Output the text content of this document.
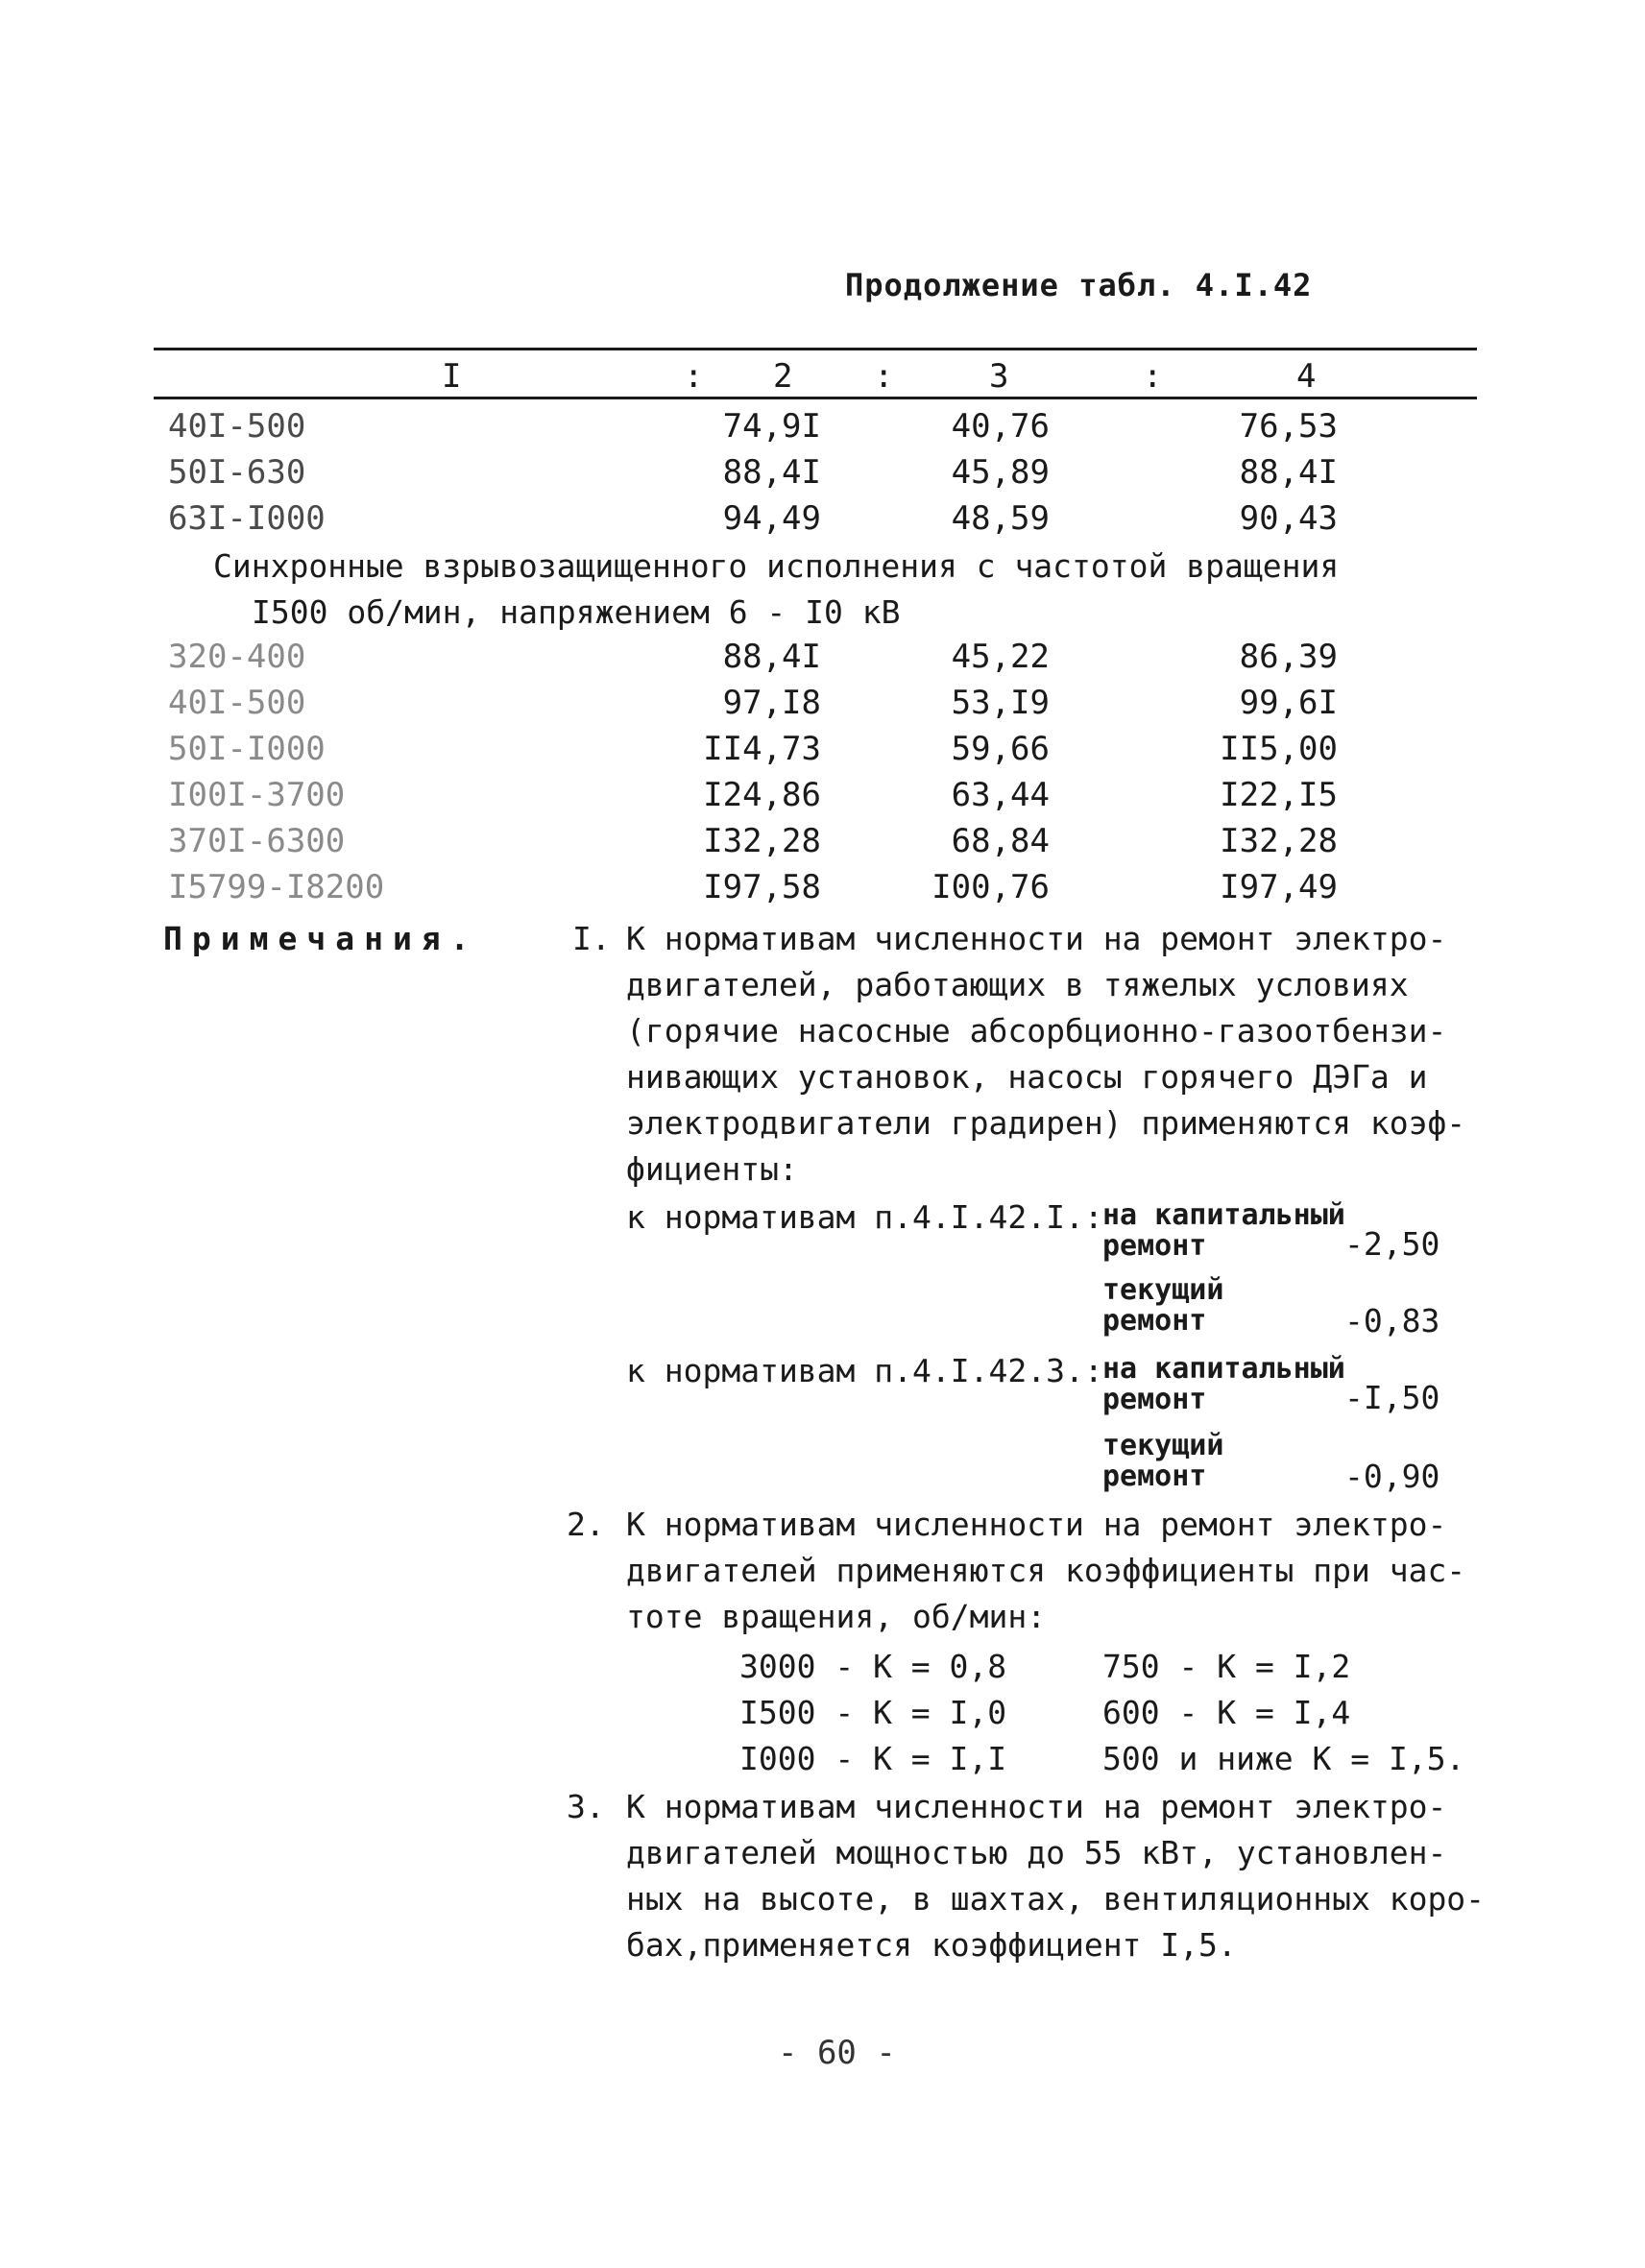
Продолжение табл. 4.I.42
I	: 2 :	3	:	4
40I-500	74,9I	40,76	76,53
50I-630	88,4I	45,89	88,4I
63I-I000	94,49	48,59	90,43
Синхронные взрывозащищенного исполнения с частотой вращения
I500 об/мин, напряжением 6 - I0 кВ
320-400	88,4I	45,22	86,39
40I-500	97,I8	53,I9	99,6I
50I-I000	II4,73	59,66	II5,00
I00I-3700	I24,86	63,44	I22,I5
370I-6300	I32,28	68,84	I32,28
I5799-I8200	I97,58	I00,76	I97,49
Примечания.	I. К нормативам численности на ремонт электро-
двигателей, работающих в тяжелых условиях
(горячие насосные абсорбционно-газоотбензи-
нивающих установок, насосы горячего ДЭГа и
электродвигатели градирен) применяются коэф-
фициенты:
к нормативам п.4.I.42.I.: на капитальный
ремонт	-2,50
текущий
ремонт	-0,83
к нормативам п.4.I.42.3.: на капитальный
ремонт	-I,50
текущий
ремонт	-0,90
2. К нормативам численности на ремонт электро-
двигателей применяются коэффициенты при час-
тоте вращения, об/мин:
3000 - К = 0,8	750 - К = I,2
I500 - К = I,0	600 - К = I,4
I000 - К = I,I	500 и ниже К = I,5.
3. К нормативам численности на ремонт электро-
двигателей мощностью до 55 кВт, установлен-
ных на высоте, в шахтах, вентиляционных коро-
бах,применяется коэффициент I,5.
- 60 -
